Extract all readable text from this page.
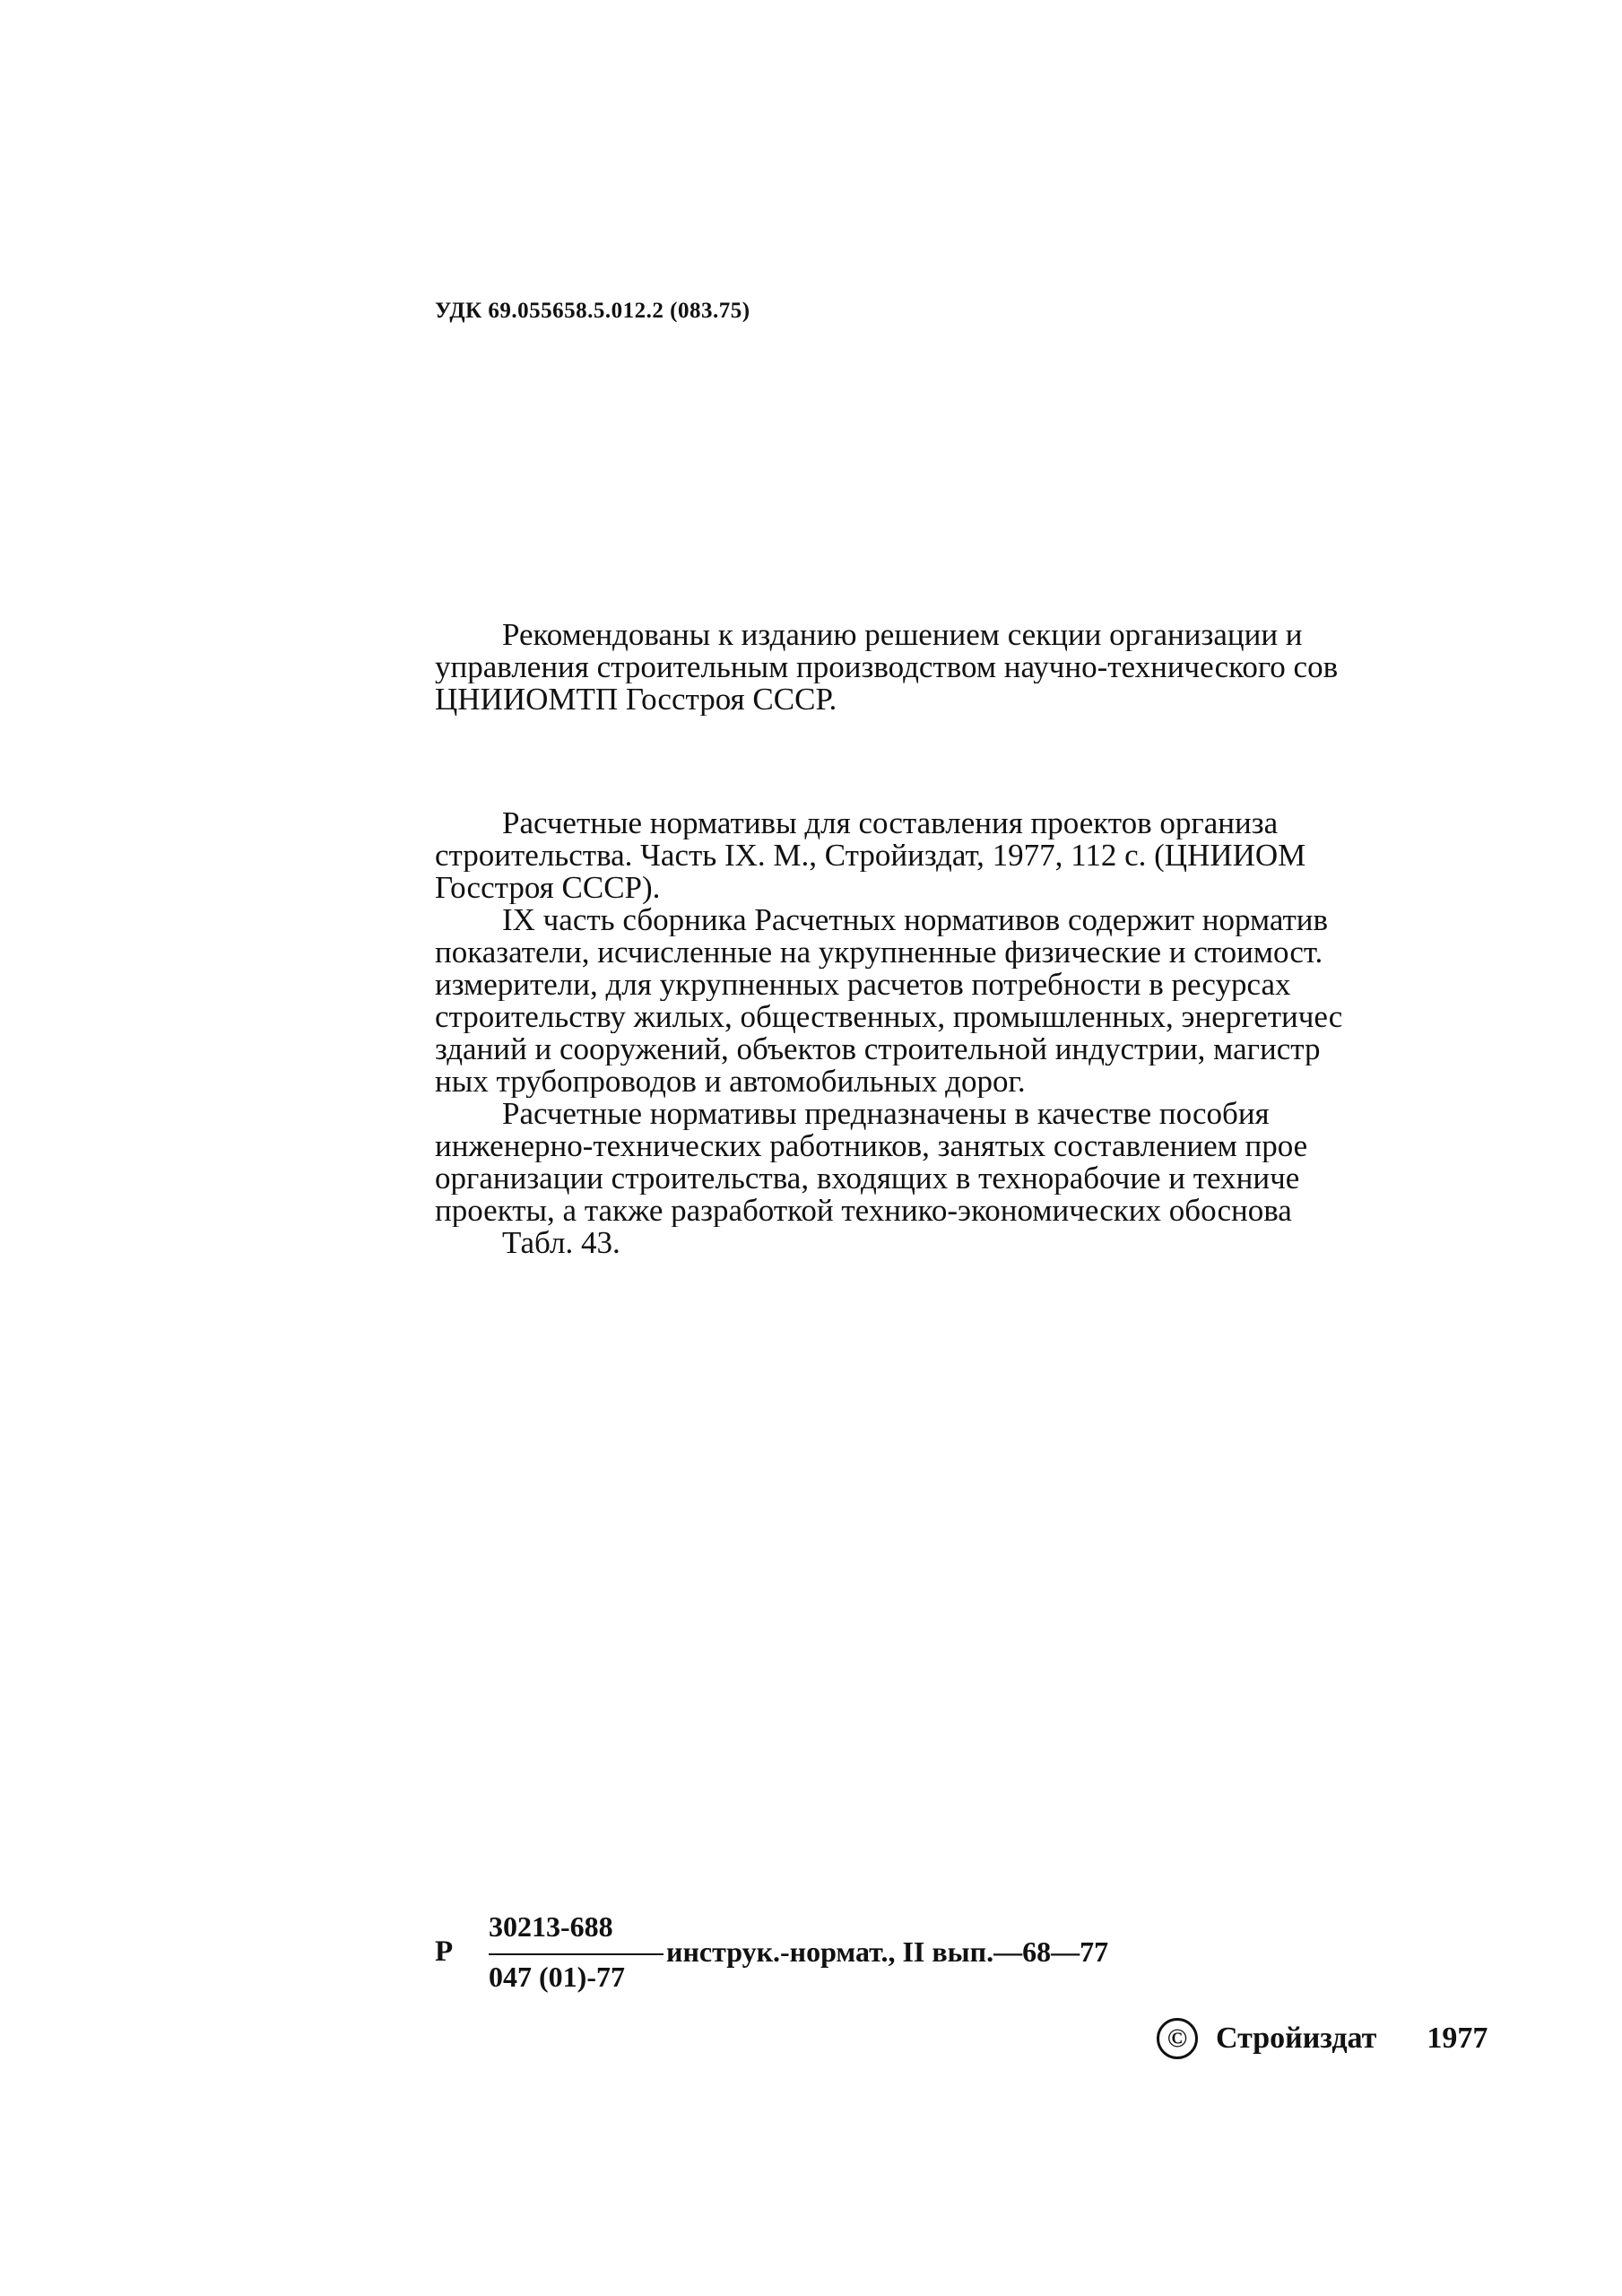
УДК 69.055658.5.012.2 (083.75)
Рекомендованы к изданию решением секции организации и
управления строительным производством научно-технического сов
ЦНИИОМТП Госстроя СССР.
Расчетные нормативы для составления проектов организа
строительства. Часть IX. М., Стройиздат, 1977, 112 с. (ЦНИИОМ
Госстроя СССР).
IX часть сборника Расчетных нормативов содержит норматив
показатели, исчисленные на укрупненные физические и стоимост.
измерители, для укрупненных расчетов потребности в ресурсах
строительству жилых, общественных, промышленных, энергетичес
зданий и сооружений, объектов строительной индустрии, магистр
ных трубопроводов и автомобильных дорог.
Расчетные нормативы предназначены в качестве пособия
инженерно-технических работников, занятых составлением прое
организации строительства, входящих в технорабочие и техниче
проекты, а также разработкой технико-экономических обоснова
Табл. 43.
Р
30213-688
047 (01)-77
инструк.-нормат., II вып.—68—77
© Стройиздат 1977
